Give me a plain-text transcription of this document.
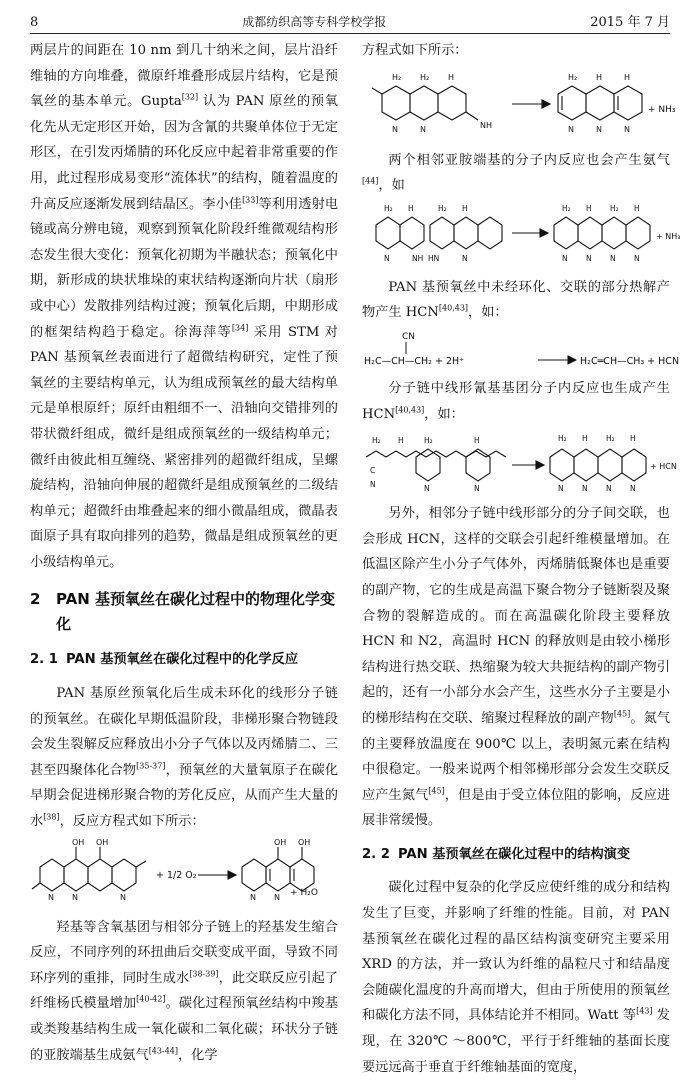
8	成都纺织高等专科学校学报	2015 年 7 月

两层片的间距在 10 nm 到几十纳米之间，层片沿纤维轴的方向堆叠，微原纤堆叠形成层片结构，它是预氧丝的基本单元。Gupta[32] 认为 PAN 原丝的预氧化先从无定形区开始，因为含氰的共聚单体位于无定形区，在引发丙烯腈的环化反应中起着非常重要的作用，此过程形成易变形“流体状”的结构，随着温度的升高反应逐渐发展到结晶区。李小佳[33]等利用透射电镜或高分辨电镜，观察到预氧化阶段纤维微观结构形态发生很大变化：预氧化初期为半融状态；预氧化中期，新形成的块状堆垛的束状结构逐渐向片状（扇形或中心）发散排列结构过渡；预氧化后期，中期形成的框架结构趋于稳定。徐海萍等[34] 采用 STM 对 PAN 基预氧丝表面进行了超微结构研究，定性了预氧丝的主要结构单元，认为组成预氧丝的最大结构单元是单根原纤；原纤由粗细不一、沿轴向交错排列的带状微纤组成，微纤是组成预氧丝的一级结构单元；微纤由彼此相互缠绕、紧密排列的超微纤组成，呈螺旋结构，沿轴向伸展的超微纤是组成预氧丝的二级结构单元；超微纤由堆叠起来的细小微晶组成，微晶表面原子具有取向排列的趋势，微晶是组成预氧丝的更小级结构单元。

2	PAN 基预氧丝在碳化过程中的物理化学变化
2. 1 PAN 基预氧丝在碳化过程中的化学反应

PAN 基原丝预氧化后生成未环化的线形分子链的预氧丝。在碳化早期低温阶段，非梯形聚合物链段会发生裂解反应释放出小分子气体以及丙烯腈二、三甚至四聚体化合物[35-37]，预氧丝的大量氧原子在碳化早期会促进梯形聚合物的芳化反应，从而产生大量的水[38]，反应方程式如下所示：

OH OH	OH OH
N N	N	N N
+ 1/2 O₂
+ H₂O

羟基等含氧基团与相邻分子链上的羟基发生缩合反应，不同序列的环扭曲后交联变成平面，导致不同环序列的重排，同时生成水[38-39]，此交联反应引起了纤维杨氏模量增加[40-42]。碳化过程预氧丝结构中羧基或类羧基结构生成一氧化碳和二氧化碳；环状分子链的亚胺端基生成氨气[43-44]，化学

方程式如下所示：

H₂ H₂ H
N	N	NH
H₂ H	H
N	N	N
+ NH₃

两个相邻亚胺端基的分子内反应也会产生氨气[44]，如

H₂ H	H₂ H
N	NH HN	N
H₂ H H₂ H
N N N N
+ NH₃

PAN 基预氧丝中未经环化、交联的部分热解产物产生 HCN[40,43]，如：

CN
H₂C—CH—CH₂ + 2H⁺	H₂C═CH—CH₃ + HCN

分子链中线形氰基基团分子内反应也生成产生 HCN[40,43]，如：

H₂ H	H₂	H
C
N	N	N
H₂ H H₂ H
N N N N
+ HCN

另外，相邻分子链中线形部分的分子间交联，也会形成 HCN，这样的交联会引起纤维模量增加。在低温区除产生小分子气体外，丙烯腈低聚体也是重要的副产物，它的生成是高温下聚合物分子链断裂及聚合物的裂解造成的。而在高温碳化阶段主要释放 HCN 和 N2，高温时 HCN 的释放则是由较小梯形结构进行热交联、热缩聚为较大共扼结构的副产物引起的，还有一小部分水会产生，这些水分子主要是小的梯形结构在交联、缩聚过程释放的副产物[45]。氮气的主要释放温度在 900℃ 以上，表明氮元素在结构中很稳定。一般来说两个相邻梯形部分会发生交联反应产生氮气[45]，但是由于受立体位阻的影响，反应进展非常缓慢。

2. 2 PAN 基预氧丝在碳化过程中的结构演变

碳化过程中复杂的化学反应使纤维的成分和结构发生了巨变，并影响了纤维的性能。目前，对 PAN 基预氧丝在碳化过程的晶区结构演变研究主要采用 XRD 的方法，并一致认为纤维的晶粒尺寸和结晶度会随碳化温度的升高而增大，但由于所使用的预氧丝和碳化方法不同，具体结论并不相同。Watt 等[43] 发现，在 320℃ ～800℃，平行于纤维轴的基面长度要远远高于垂直于纤维轴基面的宽度，
